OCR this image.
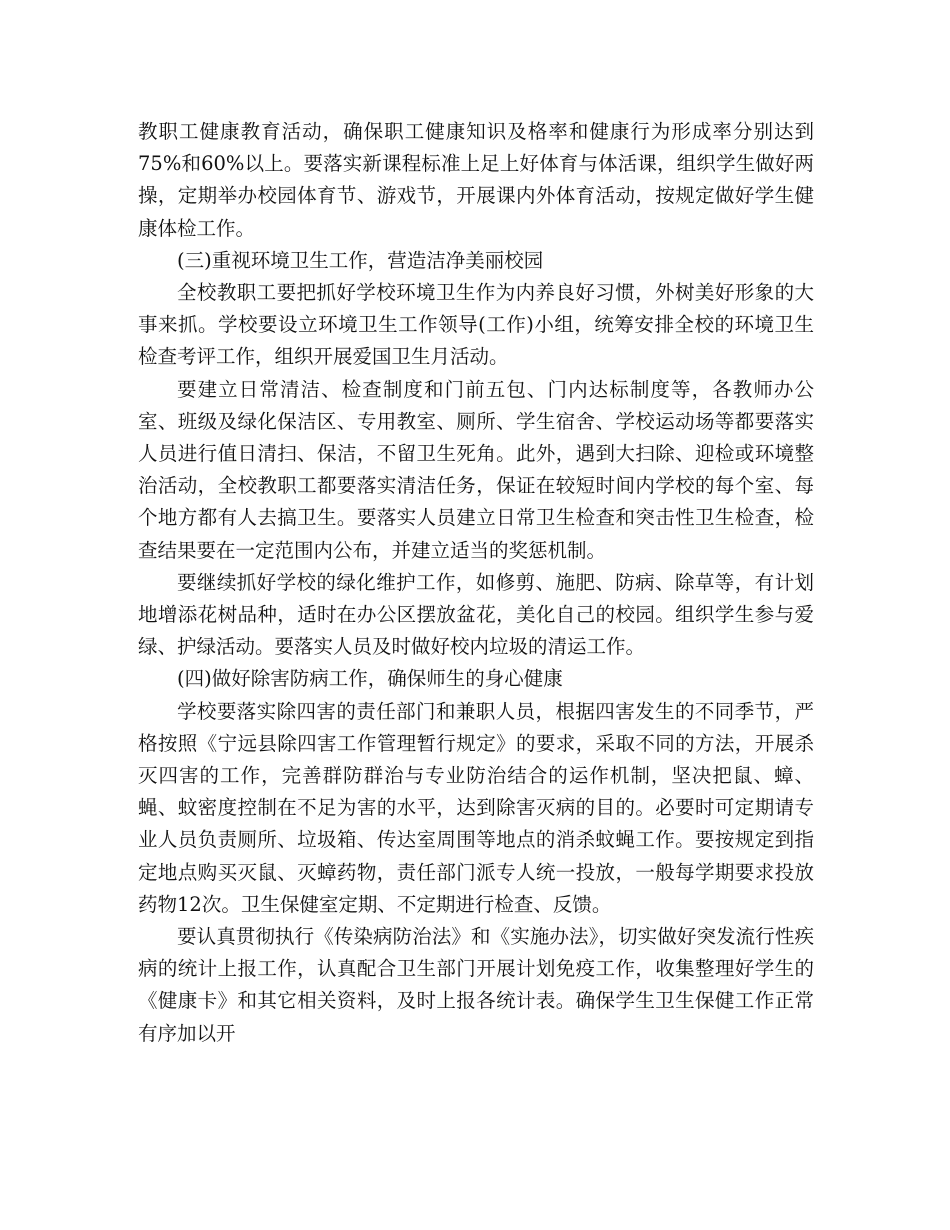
教职工健康教育活动，确保职工健康知识及格率和健康行为形成率分别达到75%和60%以上。要落实新课程标准上足上好体育与体活课，组织学生做好两操，定期举办校园体育节、游戏节，开展课内外体育活动，按规定做好学生健康体检工作。

(三)重视环境卫生工作，营造洁净美丽校园

全校教职工要把抓好学校环境卫生作为内养良好习惯，外树美好形象的大事来抓。学校要设立环境卫生工作领导(工作)小组，统筹安排全校的环境卫生检查考评工作，组织开展爱国卫生月活动。

要建立日常清洁、检查制度和门前五包、门内达标制度等，各教师办公室、班级及绿化保洁区、专用教室、厕所、学生宿舍、学校运动场等都要落实人员进行值日清扫、保洁，不留卫生死角。此外，遇到大扫除、迎检或环境整治活动，全校教职工都要落实清洁任务，保证在较短时间内学校的每个室、每个地方都有人去搞卫生。要落实人员建立日常卫生检查和突击性卫生检查，检查结果要在一定范围内公布，并建立适当的奖惩机制。

要继续抓好学校的绿化维护工作，如修剪、施肥、防病、除草等，有计划地增添花树品种，适时在办公区摆放盆花，美化自己的校园。组织学生参与爱绿、护绿活动。要落实人员及时做好校内垃圾的清运工作。

(四)做好除害防病工作，确保师生的身心健康

学校要落实除四害的责任部门和兼职人员，根据四害发生的不同季节，严格按照《宁远县除四害工作管理暂行规定》的要求，采取不同的方法，开展杀灭四害的工作，完善群防群治与专业防治结合的运作机制，坚决把鼠、蟑、蝇、蚊密度控制在不足为害的水平，达到除害灭病的目的。必要时可定期请专业人员负责厕所、垃圾箱、传达室周围等地点的消杀蚊蝇工作。要按规定到指定地点购买灭鼠、灭蟑药物，责任部门派专人统一投放，一般每学期要求投放药物12次。卫生保健室定期、不定期进行检查、反馈。

要认真贯彻执行《传染病防治法》和《实施办法》，切实做好突发流行性疾病的统计上报工作，认真配合卫生部门开展计划免疫工作，收集整理好学生的《健康卡》和其它相关资料，及时上报各统计表。确保学生卫生保健工作正常有序加以开
